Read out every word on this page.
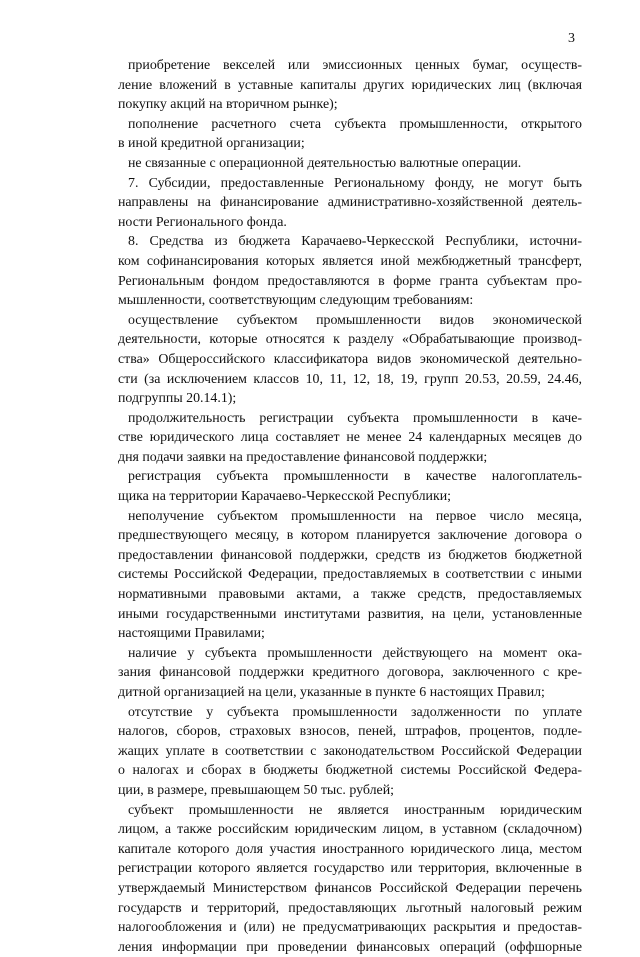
3
приобретение векселей или эмиссионных ценных бумаг, осуществ-
ление вложений в уставные капиталы других юридических лиц (включая
покупку акций на вторичном рынке);
пополнение расчетного счета субъекта промышленности, открытого
в иной кредитной организации;
не связанные с операционной деятельностью валютные операции.
7. Субсидии, предоставленные Региональному фонду, не могут быть
направлены на финансирование административно-хозяйственной деятель-
ности Регионального фонда.
8. Средства из бюджета Карачаево-Черкесской Республики, источни-
ком софинансирования которых является иной межбюджетный трансферт,
Региональным фондом предоставляются в форме гранта субъектам про-
мышленности, соответствующим следующим требованиям:
осуществление субъектом промышленности видов экономической
деятельности, которые относятся к разделу «Обрабатывающие производ-
ства» Общероссийского классификатора видов экономической деятельно-
сти (за исключением классов 10, 11, 12, 18, 19, групп 20.53, 20.59, 24.46,
подгруппы 20.14.1);
продолжительность регистрации субъекта промышленности в каче-
стве юридического лица составляет не менее 24 календарных месяцев до
дня подачи заявки на предоставление финансовой поддержки;
регистрация субъекта промышленности в качестве налогоплатель-
щика на территории Карачаево-Черкесской Республики;
неполучение субъектом промышленности на первое число месяца,
предшествующего месяцу, в котором планируется заключение договора о
предоставлении финансовой поддержки, средств из бюджетов бюджетной
системы Российской Федерации, предоставляемых в соответствии с иными
нормативными правовыми актами, а также средств, предоставляемых
иными государственными институтами развития, на цели, установленные
настоящими Правилами;
наличие у субъекта промышленности действующего на момент ока-
зания финансовой поддержки кредитного договора, заключенного с кре-
дитной организацией на цели, указанные в пункте 6 настоящих Правил;
отсутствие у субъекта промышленности задолженности по уплате
налогов, сборов, страховых взносов, пеней, штрафов, процентов, подле-
жащих уплате в соответствии с законодательством Российской Федерации
о налогах и сборах в бюджеты бюджетной системы Российской Федера-
ции, в размере, превышающем 50 тыс. рублей;
субъект промышленности не является иностранным юридическим
лицом, а также российским юридическим лицом, в уставном (складочном)
капитале которого доля участия иностранного юридического лица, местом
регистрации которого является государство или территория, включенные в
утверждаемый Министерством финансов Российской Федерации перечень
государств и территорий, предоставляющих льготный налоговый режим
налогообложения и (или) не предусматривающих раскрытия и предостав-
ления информации при проведении финансовых операций (оффшорные
